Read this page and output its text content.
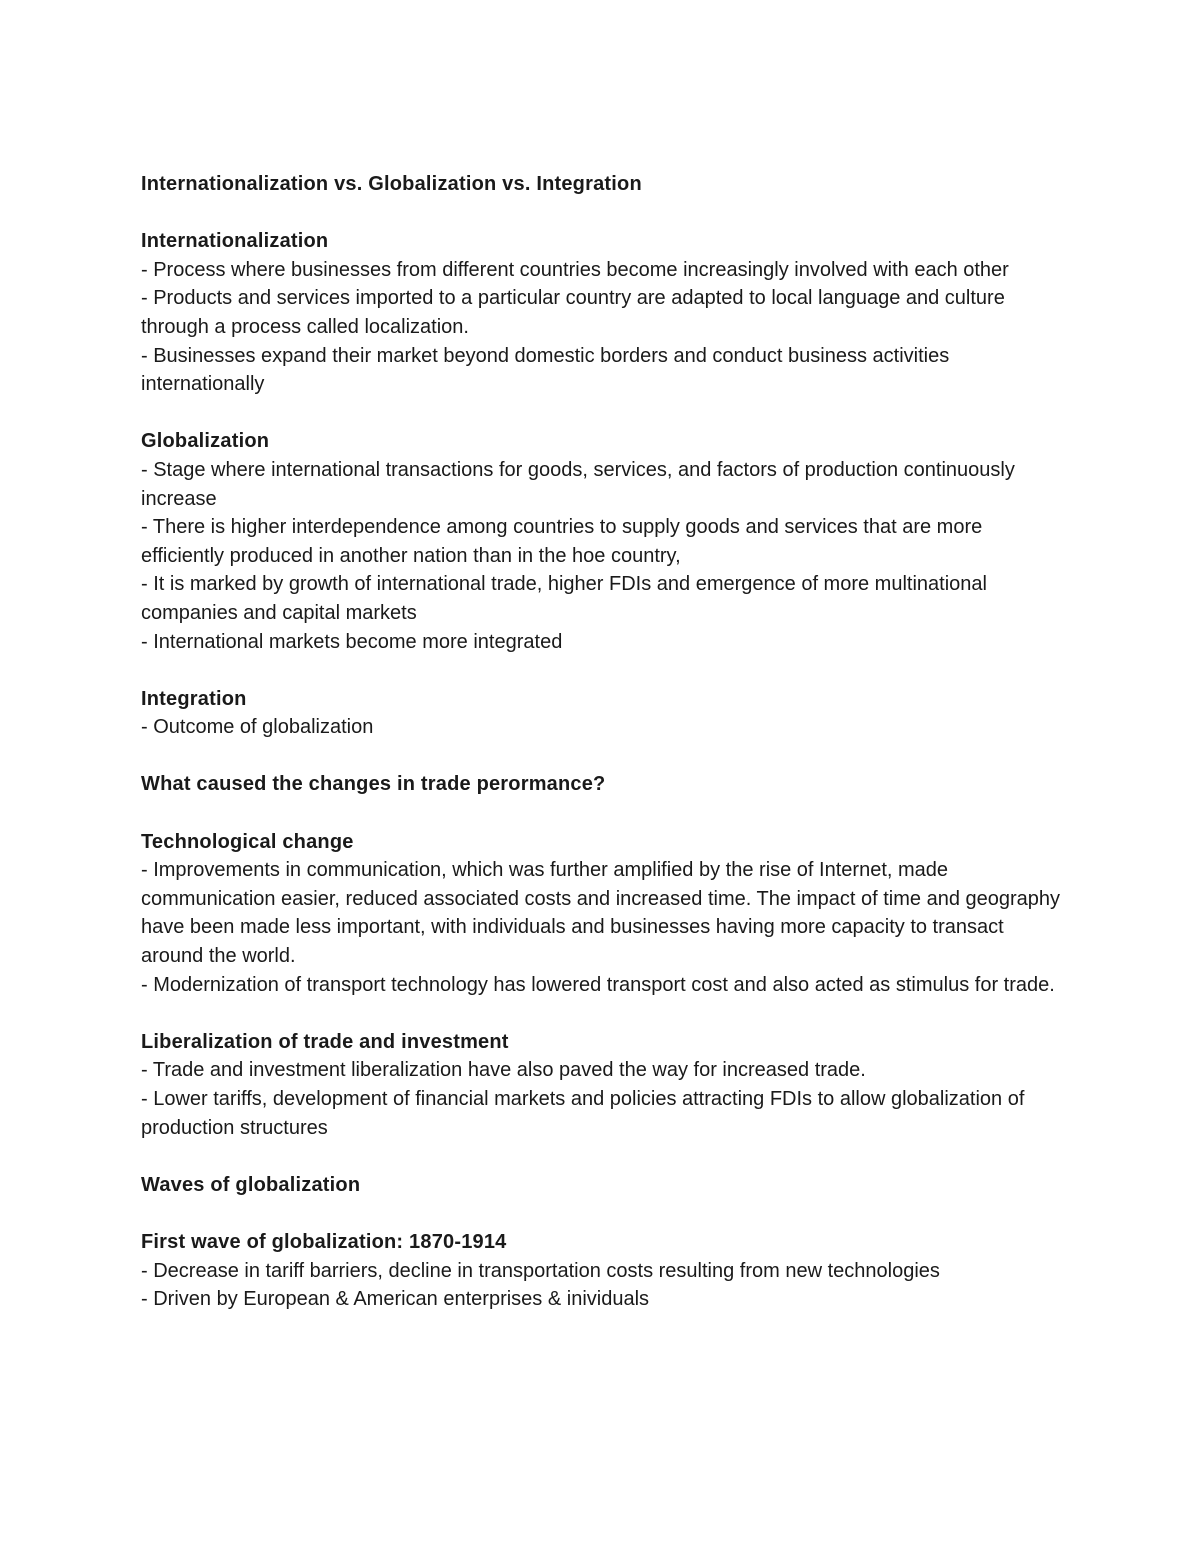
Internationalization vs. Globalization vs. Integration

Internationalization

- Process where businesses from different countries become increasingly involved with each other

- Products and services imported to a particular country are adapted to local language and culture through a process called localization.

- Businesses expand their market beyond domestic borders and conduct business activities internationally

Globalization

- Stage where international transactions for goods, services, and factors of production continuously increase

- There is higher interdependence among countries to supply goods and services that are more efficiently produced in another nation than in the hoe country,

- It is marked by growth of international trade, higher FDIs and emergence of more multinational companies and capital markets

- International markets become more integrated

Integration

- Outcome of globalization

What caused the changes in trade perormance?

Technological change

- Improvements in communication, which was further amplified by the rise of Internet, made communication easier, reduced associated costs and increased time. The impact of time and geography have been made less important, with individuals and businesses having more capacity to transact around the world.

- Modernization of transport technology has lowered transport cost and also acted as stimulus for trade.

Liberalization of trade and investment

- Trade and investment liberalization have also paved the way for increased trade.

- Lower tariffs, development of financial markets and policies attracting FDIs to allow globalization of production structures

Waves of globalization

First wave of globalization: 1870-1914

- Decrease in tariff barriers, decline in transportation costs resulting from new technologies

- Driven by European & American enterprises & inividuals
